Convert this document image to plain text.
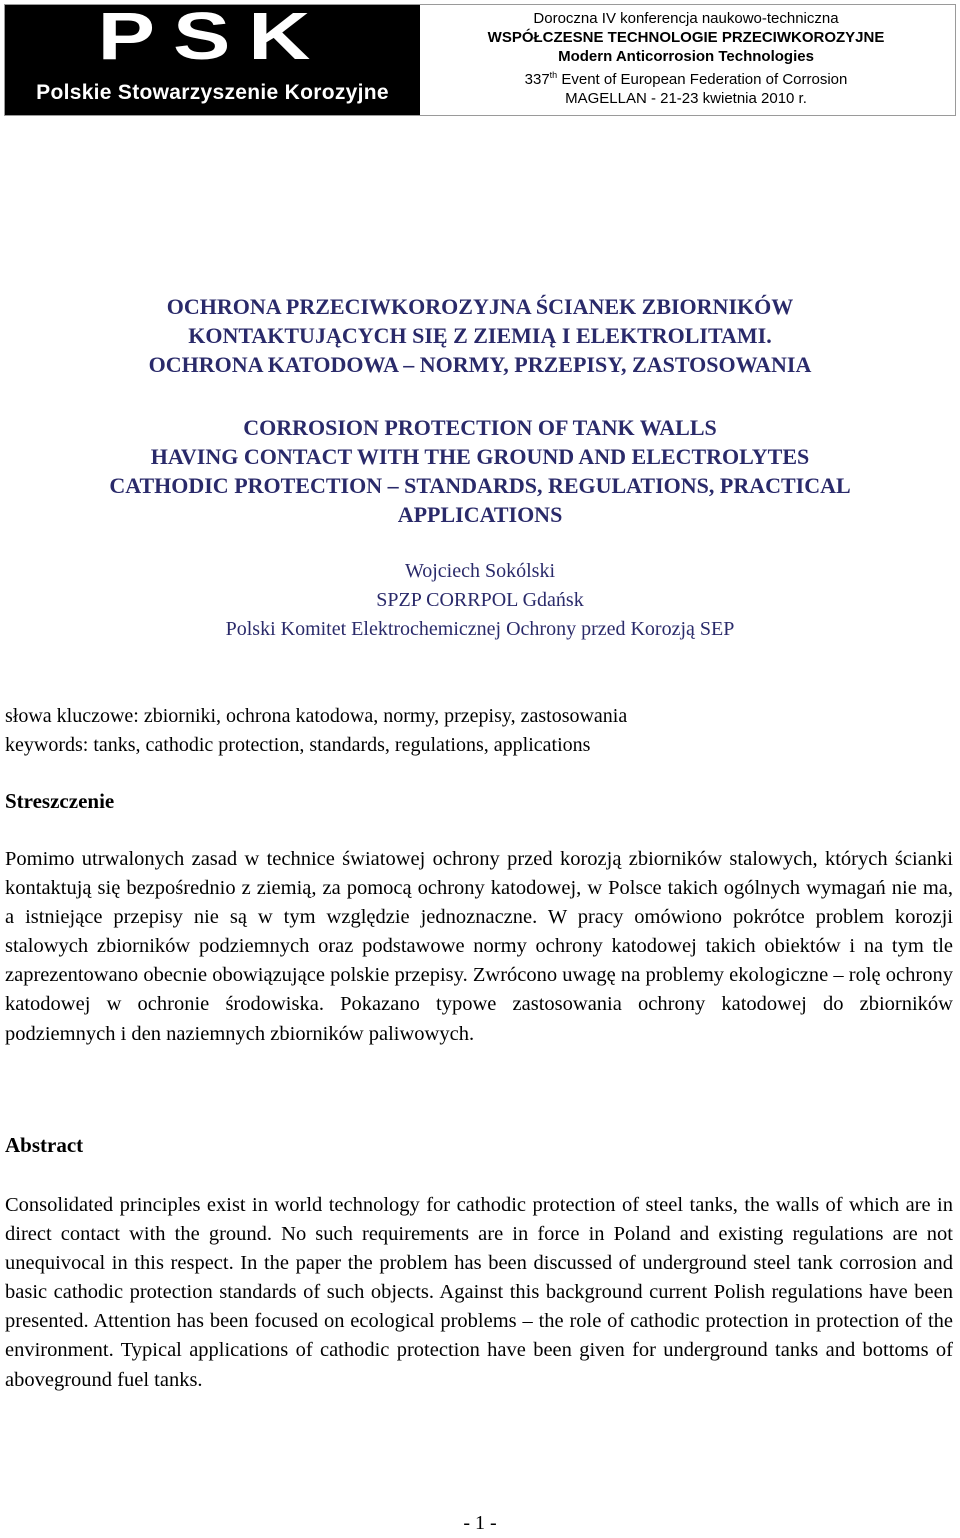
PSK
Polskie Stowarzyszenie Korozyjne
Doroczna IV konferencja naukowo-techniczna
WSPÓŁCZESNE TECHNOLOGIE PRZECIWKOROZYJNE
Modern Anticorrosion Technologies
337th Event of European Federation of Corrosion
MAGELLAN - 21-23 kwietnia 2010 r.
OCHRONA PRZECIWKOROZYJNA ŚCIANEK ZBIORNIKÓW
KONTAKTUJĄCYCH SIĘ Z ZIEMIĄ I ELEKTROLITAMI.
OCHRONA KATODOWA – NORMY, PRZEPISY, ZASTOSOWANIA
CORROSION PROTECTION OF TANK WALLS
HAVING CONTACT WITH THE GROUND AND ELECTROLYTES
CATHODIC PROTECTION – STANDARDS, REGULATIONS, PRACTICAL
APPLICATIONS
Wojciech Sokólski
SPZP CORRPOL Gdańsk
Polski Komitet Elektrochemicznej Ochrony przed Korozją SEP
słowa kluczowe: zbiorniki, ochrona katodowa, normy, przepisy, zastosowania
keywords: tanks, cathodic protection, standards, regulations, applications
Streszczenie

Pomimo utrwalonych zasad w technice światowej ochrony przed korozją zbiorników stalowych, których ścianki kontaktują się bezpośrednio z ziemią, za pomocą ochrony katodowej, w Polsce takich ogólnych wymagań nie ma, a istniejące przepisy nie są w tym względzie jednoznaczne. W pracy omówiono pokrótce problem korozji stalowych zbiorników podziemnych oraz podstawowe normy ochrony katodowej takich obiektów i na tym tle zaprezentowano obecnie obowiązujące polskie przepisy. Zwrócono uwagę na problemy ekologiczne – rolę ochrony katodowej w ochronie środowiska. Pokazano typowe zastosowania ochrony katodowej do zbiorników podziemnych i den naziemnych zbiorników paliwowych.

Abstract

Consolidated principles exist in world technology for cathodic protection of steel tanks, the walls of which are in direct contact with the ground. No such requirements are in force in Poland and existing regulations are not unequivocal in this respect. In the paper the problem has been discussed of underground steel tank corrosion and basic cathodic protection standards of such objects. Against this background current Polish regulations have been presented. Attention has been focused on ecological problems – the role of cathodic protection in protection of the environment. Typical applications of cathodic protection have been given for underground tanks and bottoms of aboveground fuel tanks.

- 1 -
